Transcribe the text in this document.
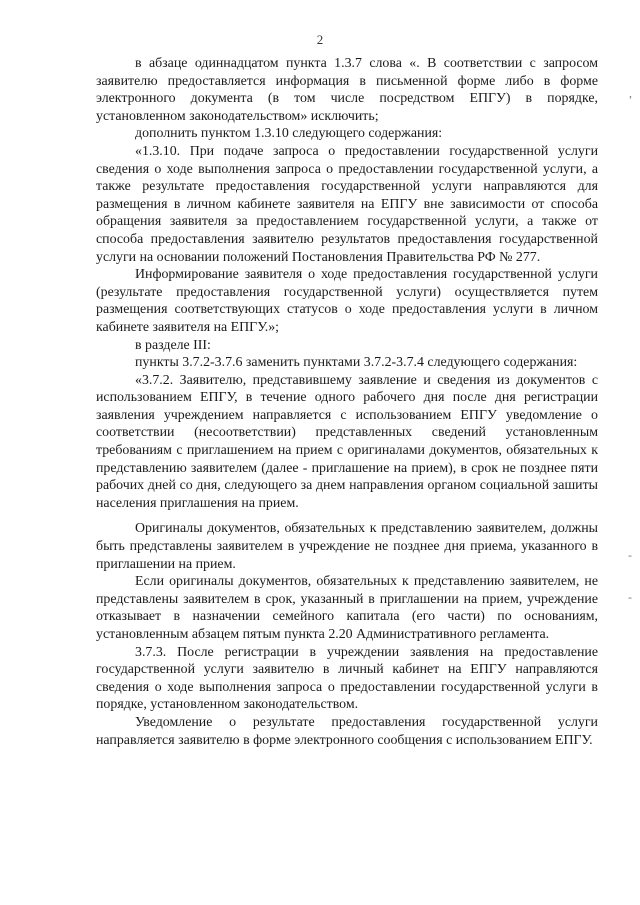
2

в абзаце одиннадцатом пункта 1.3.7 слова «. В соответствии с запросом заявителю предоставляется информация в письменной форме либо в форме электронного документа (в том числе посредством ЕПГУ) в порядке, установленном законодательством» исключить;

дополнить пунктом 1.3.10 следующего содержания:

«1.3.10. При подаче запроса о предоставлении государственной услуги сведения о ходе выполнения запроса о предоставлении государственной услуги, а также результате предоставления государственной услуги направляются для размещения в личном кабинете заявителя на ЕПГУ вне зависимости от способа обращения заявителя за предоставлением государственной услуги, а также от способа предоставления заявителю результатов предоставления государственной услуги на основании положений Постановления Правительства РФ № 277.

Информирование заявителя о ходе предоставления государственной услуги (результате предоставления государственной услуги) осуществляется путем размещения соответствующих статусов о ходе предоставления услуги в личном кабинете заявителя на ЕПГУ.»;

в разделе III:

пункты 3.7.2-3.7.6 заменить пунктами 3.7.2-3.7.4 следующего содержания:

«3.7.2. Заявителю, представившему заявление и сведения из документов с использованием ЕПГУ, в течение одного рабочего дня после дня регистрации заявления учреждением направляется с использованием ЕПГУ уведомление о соответствии (несоответствии) представленных сведений установленным требованиям с приглашением на прием с оригиналами документов, обязательных к представлению заявителем (далее - приглашение на прием), в срок не позднее пяти рабочих дней со дня, следующего за днем направления органом социальной зашиты населения приглашения на прием.

Оригиналы документов, обязательных к представлению заявителем, должны быть представлены заявителем в учреждение не позднее дня приема, указанного в приглашении на прием.

Если оригиналы документов, обязательных к представлению заявителем, не представлены заявителем в срок, указанный в приглашении на прием, учреждение отказывает в назначении семейного капитала (его части) по основаниям, установленным абзацем пятым пункта 2.20 Административного регламента.

3.7.3. После регистрации в учреждении заявления на предоставление государственной услуги заявителю в личный кабинет на ЕПГУ направляются сведения о ходе выполнения запроса о предоставлении государственной услуги в порядке, установленном законодательством.

Уведомление о результате предоставления государственной услуги направляется заявителю в форме электронного сообщения с использованием ЕПГУ.

,
-
-
